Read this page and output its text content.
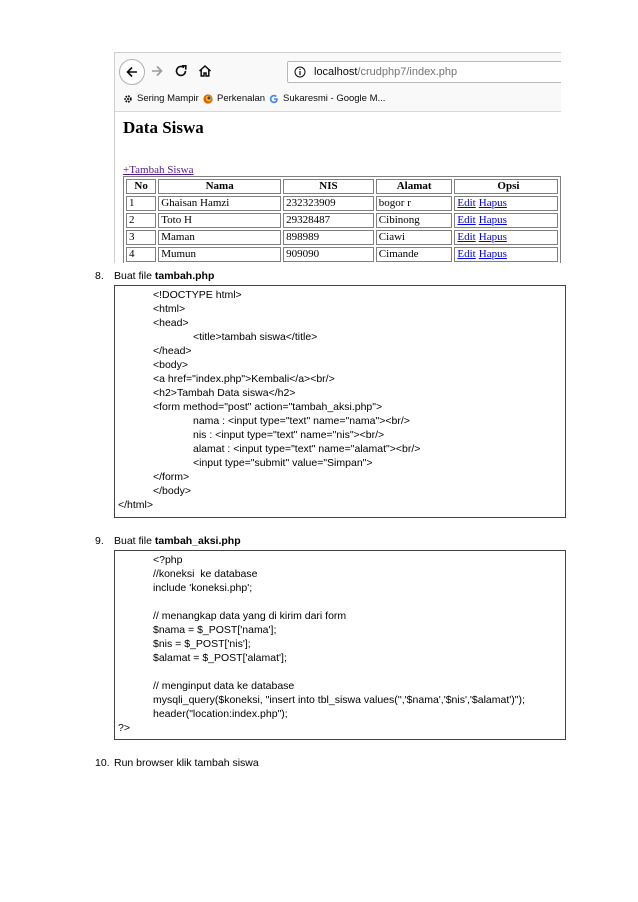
localhost/crudphp7/index.php
Sering Mampir Perkenalan Sukaresmi - Google M...
Data Siswa
+Tambah Siswa
No	Nama	NIS	Alamat	Opsi
1	Ghaisan Hamzi	232323909	bogor r	Edit Hapus
2	Toto H	29328487	Cibinong	Edit Hapus
3	Maman	898989	Ciawi	Edit Hapus
4	Mumun	909090	Cimande	Edit Hapus
8. Buat file tambah.php
<!DOCTYPE html>
<html>
<head>
<title>tambah siswa</title>
</head>
<body>
<a href="index.php">Kembali</a><br/>
<h2>Tambah Data siswa</h2>
<form method="post" action="tambah_aksi.php">
nama : <input type="text" name="nama"><br/>
nis : <input type="text" name="nis"><br/>
alamat : <input type="text" name="alamat"><br/>
<input type="submit" value="Simpan">
</form>
</body>
</html>
9. Buat file tambah_aksi.php
<?php
//koneksi  ke database
include 'koneksi.php';
// menangkap data yang di kirim dari form
$nama = $_POST['nama'];
$nis = $_POST['nis'];
$alamat = $_POST['alamat'];
// menginput data ke database
mysqli_query($koneksi, "insert into tbl_siswa values('','$nama','$nis','$alamat')");
header("location:index.php");
?>
10. Run browser klik tambah siswa
